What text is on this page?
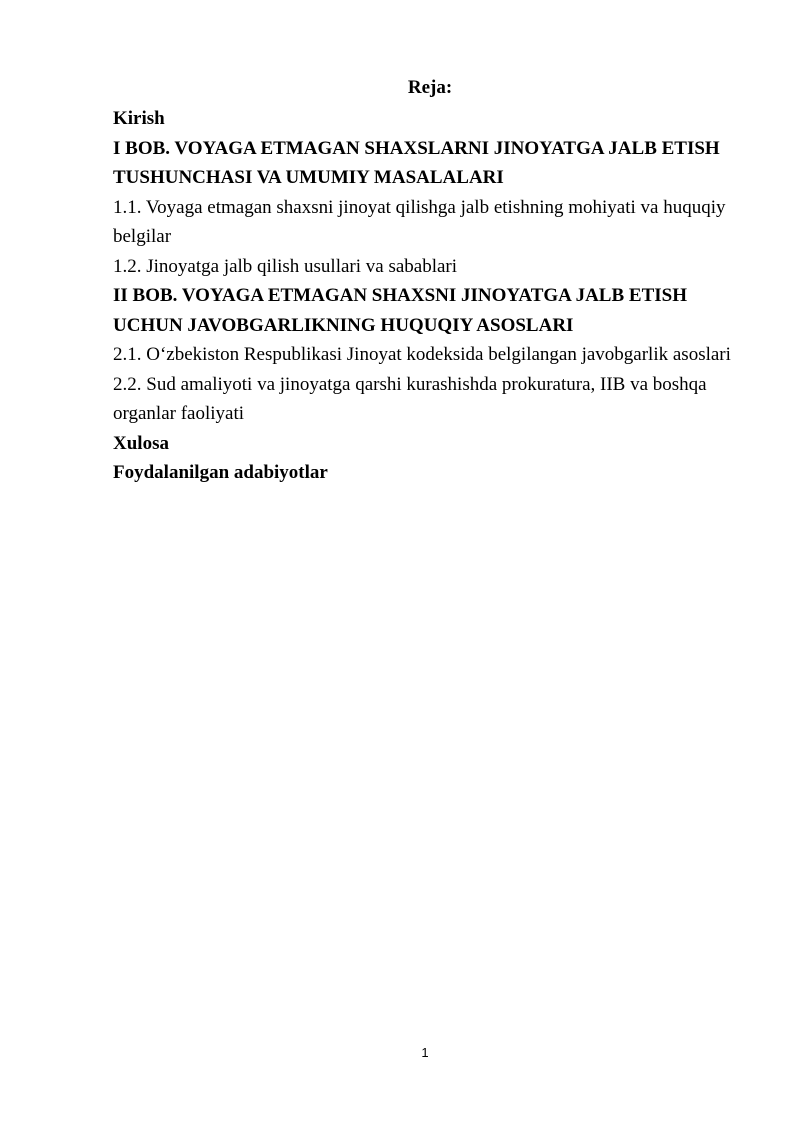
Reja:
Kirish
I BOB. VOYAGA ETMAGAN SHAXSLARNI JINOYATGA JALB ETISH
TUSHUNCHASI VA UMUMIY MASALALARI
1.1. Voyaga etmagan shaxsni jinoyat qilishga jalb etishning mohiyati va huquqiy
belgilar
1.2. Jinoyatga jalb qilish usullari va sabablari
II BOB. VOYAGA ETMAGAN SHAXSNI JINOYATGA JALB ETISH
UCHUN JAVOBGARLIKNING HUQUQIY ASOSLARI
2.1. O‘zbekiston Respublikasi Jinoyat kodeksida belgilangan javobgarlik asoslari
2.2. Sud amaliyoti va jinoyatga qarshi kurashishda prokuratura, IIB va boshqa
organlar faoliyati
Xulosa
Foydalanilgan adabiyotlar
1
